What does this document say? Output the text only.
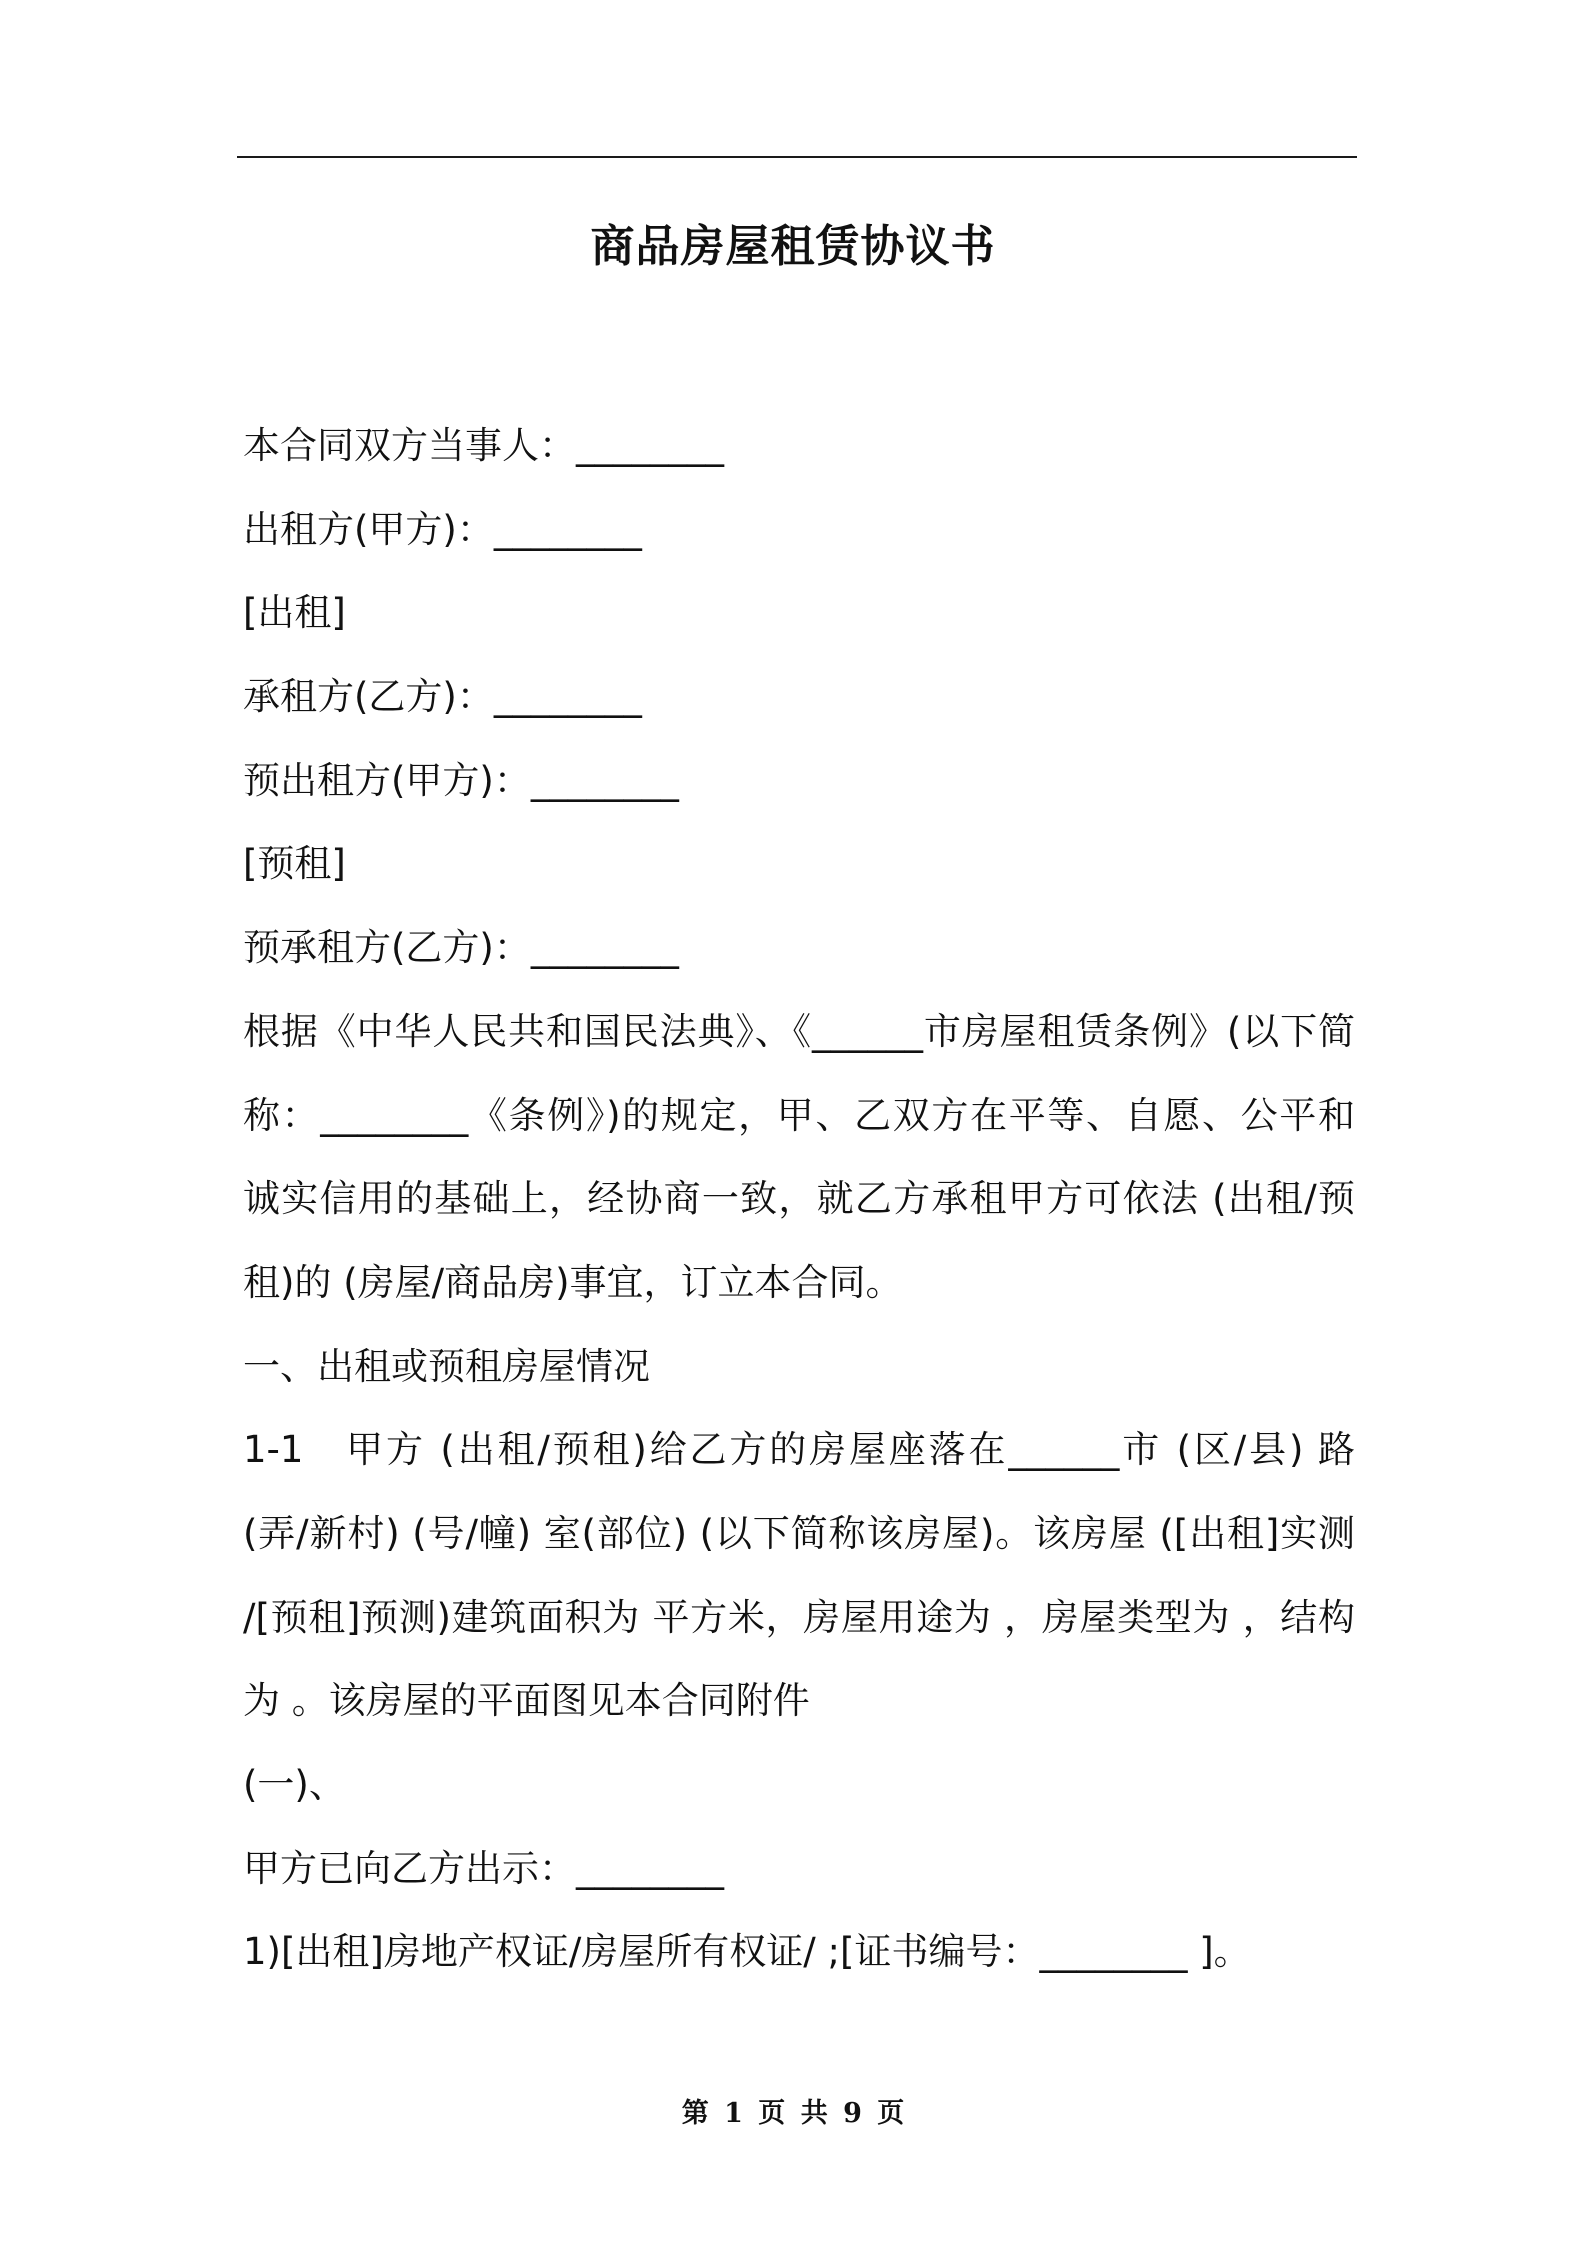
商品房屋租赁协议书

本合同双方当事人：________

出租方(甲方)：________

[出租]

承租方(乙方)：________

预出租方(甲方)：________

[预租]

预承租方(乙方)：________

根据《中华人民共和国民法典》、《______市房屋租赁条例》(以下简

称：________《条例》)的规定，甲、乙双方在平等、自愿、公平和

诚实信用的基础上，经协商一致，就乙方承租甲方可依法 (出租/预

租)的 (房屋/商品房)事宜，订立本合同。

一、出租或预租房屋情况

1-1　甲方 (出租/预租)给乙方的房屋座落在______市 (区/县) 路

(弄/新村) (号/幢) 室(部位) (以下简称该房屋)。该房屋 ([出租]实测

/[预租]预测)建筑面积为 平方米，房屋用途为 ，房屋类型为 ，结构

为 。该房屋的平面图见本合同附件

(一)、

甲方已向乙方出示：________

1)[出租]房地产权证/房屋所有权证/ ;[证书编号：________ ]。

第 1 页 共 9 页
